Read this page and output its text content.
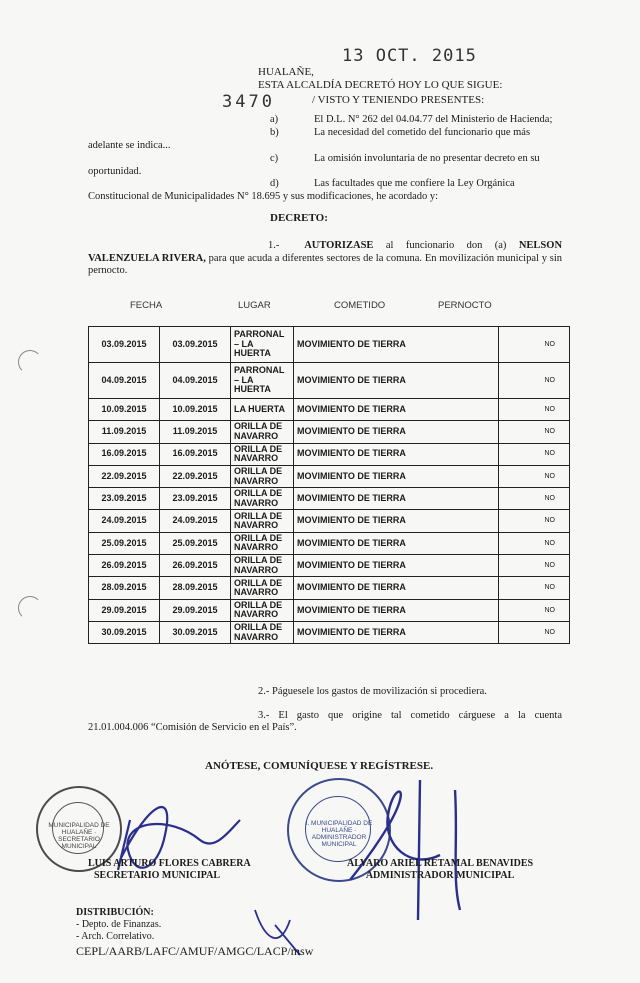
13 OCT. 2015
HUALAÑE,
ESTA ALCALDÍA DECRETÓ HOY LO QUE SIGUE:
3470	/ VISTO Y TENIENDO PRESENTES:
a)	El D.L. N° 262 del 04.04.77 del Ministerio de Hacienda;
b)	La necesidad del cometido del funcionario que más
adelante se indica...
c)	La omisión involuntaria de no presentar decreto en su
oportunidad.
d)	Las facultades que me confiere la Ley Orgánica
Constitucional de Municipalidades N° 18.695 y sus modificaciones, he acordado y:
DECRETO:
1.- AUTORIZASE al funcionario don (a) NELSON VALENZUELA RIVERA, para que acuda a diferentes sectores de la comuna. En movilización municipal y sin pernocto.
FECHA	LUGAR	COMETIDO	PERNOCTO
03.09.2015	03.09.2015	PARRONAL – LA HUERTA	MOVIMIENTO DE TIERRA	NO
04.09.2015	04.09.2015	PARRONAL – LA HUERTA	MOVIMIENTO DE TIERRA	NO
10.09.2015	10.09.2015	LA HUERTA	MOVIMIENTO DE TIERRA	NO
11.09.2015	11.09.2015	ORILLA DE NAVARRO	MOVIMIENTO DE TIERRA	NO
16.09.2015	16.09.2015	ORILLA DE NAVARRO	MOVIMIENTO DE TIERRA	NO
22.09.2015	22.09.2015	ORILLA DE NAVARRO	MOVIMIENTO DE TIERRA	NO
23.09.2015	23.09.2015	ORILLA DE NAVARRO	MOVIMIENTO DE TIERRA	NO
24.09.2015	24.09.2015	ORILLA DE NAVARRO	MOVIMIENTO DE TIERRA	NO
25.09.2015	25.09.2015	ORILLA DE NAVARRO	MOVIMIENTO DE TIERRA	NO
26.09.2015	26.09.2015	ORILLA DE NAVARRO	MOVIMIENTO DE TIERRA	NO
28.09.2015	28.09.2015	ORILLA DE NAVARRO	MOVIMIENTO DE TIERRA	NO
29.09.2015	29.09.2015	ORILLA DE NAVARRO	MOVIMIENTO DE TIERRA	NO
30.09.2015	30.09.2015	ORILLA DE NAVARRO	MOVIMIENTO DE TIERRA	NO
2.- Páguesele los gastos de movilización si procediera.
3.- El gasto que origine tal cometido cárguese a la cuenta
21.01.004.006 “Comisión de Servicio en el País”.
ANÓTESE, COMUNÍQUESE Y REGÍSTRESE.
MUNICIPALIDAD DE HUALAÑE · SECRETARIO MUNICIPAL
I. MUNICIPALIDAD DE HUALAÑE · ADMINISTRADOR MUNICIPAL
LUIS ARTURO FLORES CABRERA
SECRETARIO MUNICIPAL
ALVARO ARIEL RETAMAL BENAVIDES
ADMINISTRADOR MUNICIPAL
DISTRIBUCIÓN:
- Depto. de Finanzas.
- Arch. Correlativo.
CEPL/AARB/LAFC/AMUF/AMGC/LACP/msw
